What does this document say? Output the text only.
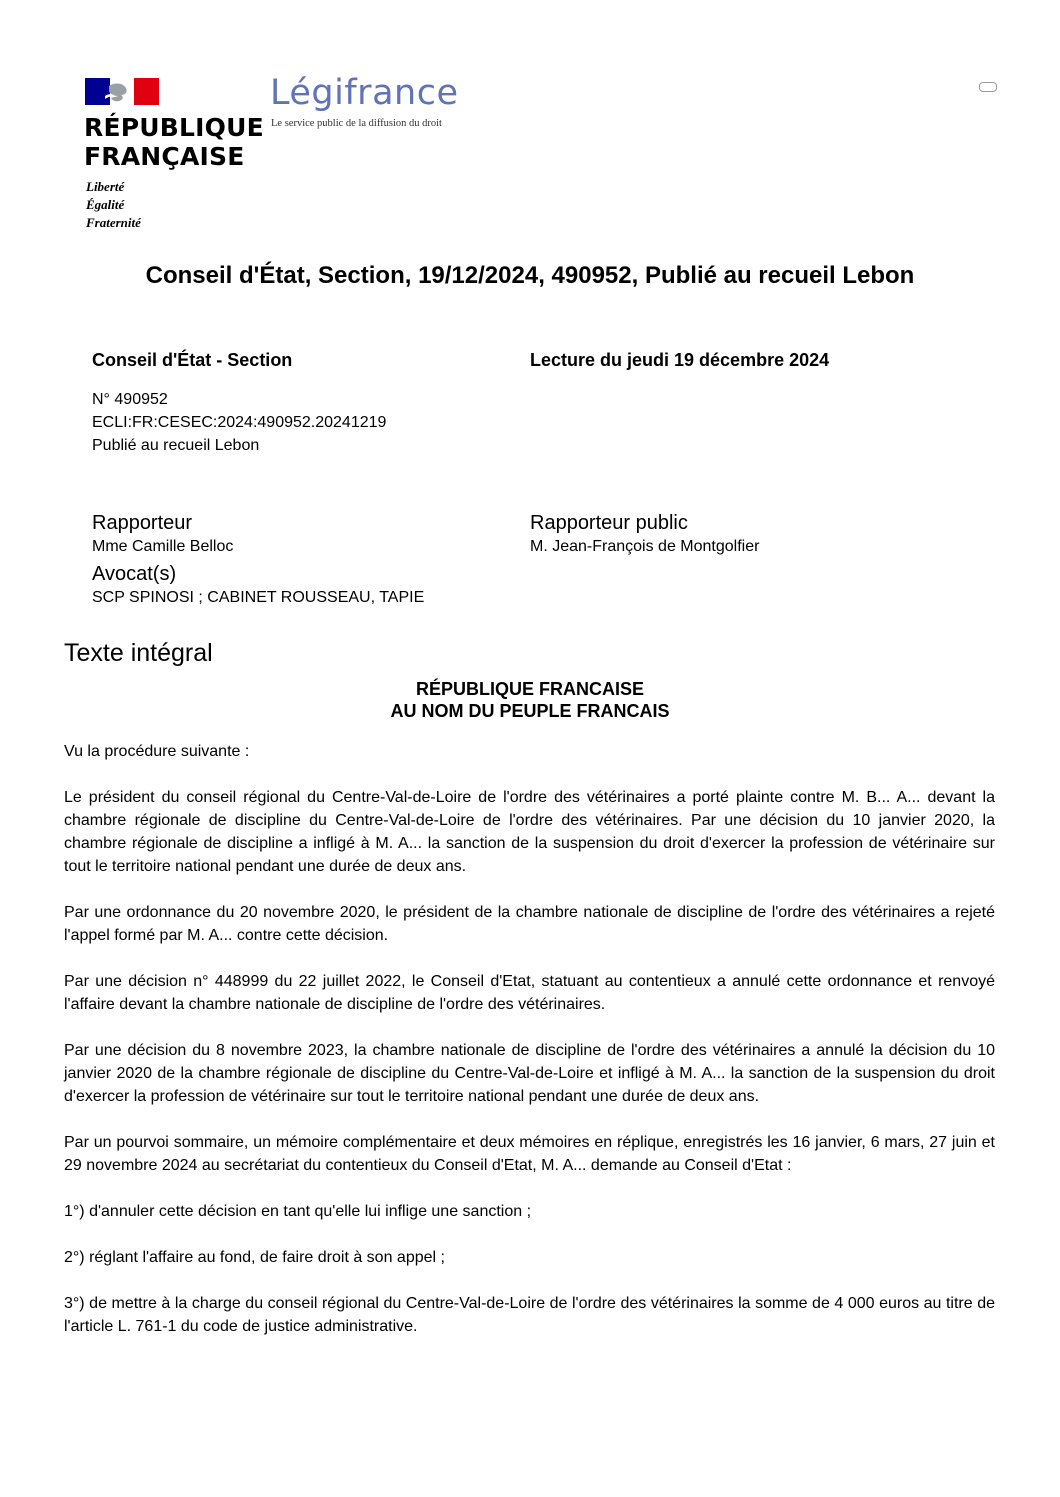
RÉPUBLIQUE
FRANÇAISE
Liberté
Égalité
Fraternité
Légifrance
Le service public de la diffusion du droit
Conseil d'État, Section, 19/12/2024, 490952, Publié au recueil Lebon
Conseil d'État - Section	Lecture du jeudi 19 décembre 2024
N° 490952
ECLI:FR:CESEC:2024:490952.20241219
Publié au recueil Lebon
Rapporteur
Mme Camille Belloc
Rapporteur public
M. Jean-François de Montgolfier
Avocat(s)
SCP SPINOSI ; CABINET ROUSSEAU, TAPIE
Texte intégral
RÉPUBLIQUE FRANCAISE
AU NOM DU PEUPLE FRANCAIS

Vu la procédure suivante :

Le président du conseil régional du Centre-Val-de-Loire de l'ordre des vétérinaires a porté plainte contre M. B... A... devant la chambre régionale de discipline du Centre-Val-de-Loire de l'ordre des vétérinaires. Par une décision du 10 janvier 2020, la chambre régionale de discipline a infligé à M. A... la sanction de la suspension du droit d'exercer la profession de vétérinaire sur tout le territoire national pendant une durée de deux ans.

Par une ordonnance du 20 novembre 2020, le président de la chambre nationale de discipline de l'ordre des vétérinaires a rejeté l'appel formé par M. A... contre cette décision.

Par une décision n° 448999 du 22 juillet 2022, le Conseil d'Etat, statuant au contentieux a annulé cette ordonnance et renvoyé l'affaire devant la chambre nationale de discipline de l'ordre des vétérinaires.

Par une décision du 8 novembre 2023, la chambre nationale de discipline de l'ordre des vétérinaires a annulé la décision du 10 janvier 2020 de la chambre régionale de discipline du Centre-Val-de-Loire et infligé à M. A... la sanction de la suspension du droit d'exercer la profession de vétérinaire sur tout le territoire national pendant une durée de deux ans.

Par un pourvoi sommaire, un mémoire complémentaire et deux mémoires en réplique, enregistrés les 16 janvier, 6 mars, 27 juin et 29 novembre 2024 au secrétariat du contentieux du Conseil d'Etat, M. A... demande au Conseil d'Etat :

1°) d'annuler cette décision en tant qu'elle lui inflige une sanction ;

2°) réglant l'affaire au fond, de faire droit à son appel ;

3°) de mettre à la charge du conseil régional du Centre-Val-de-Loire de l'ordre des vétérinaires la somme de 4 000 euros au titre de l'article L. 761-1 du code de justice administrative.
